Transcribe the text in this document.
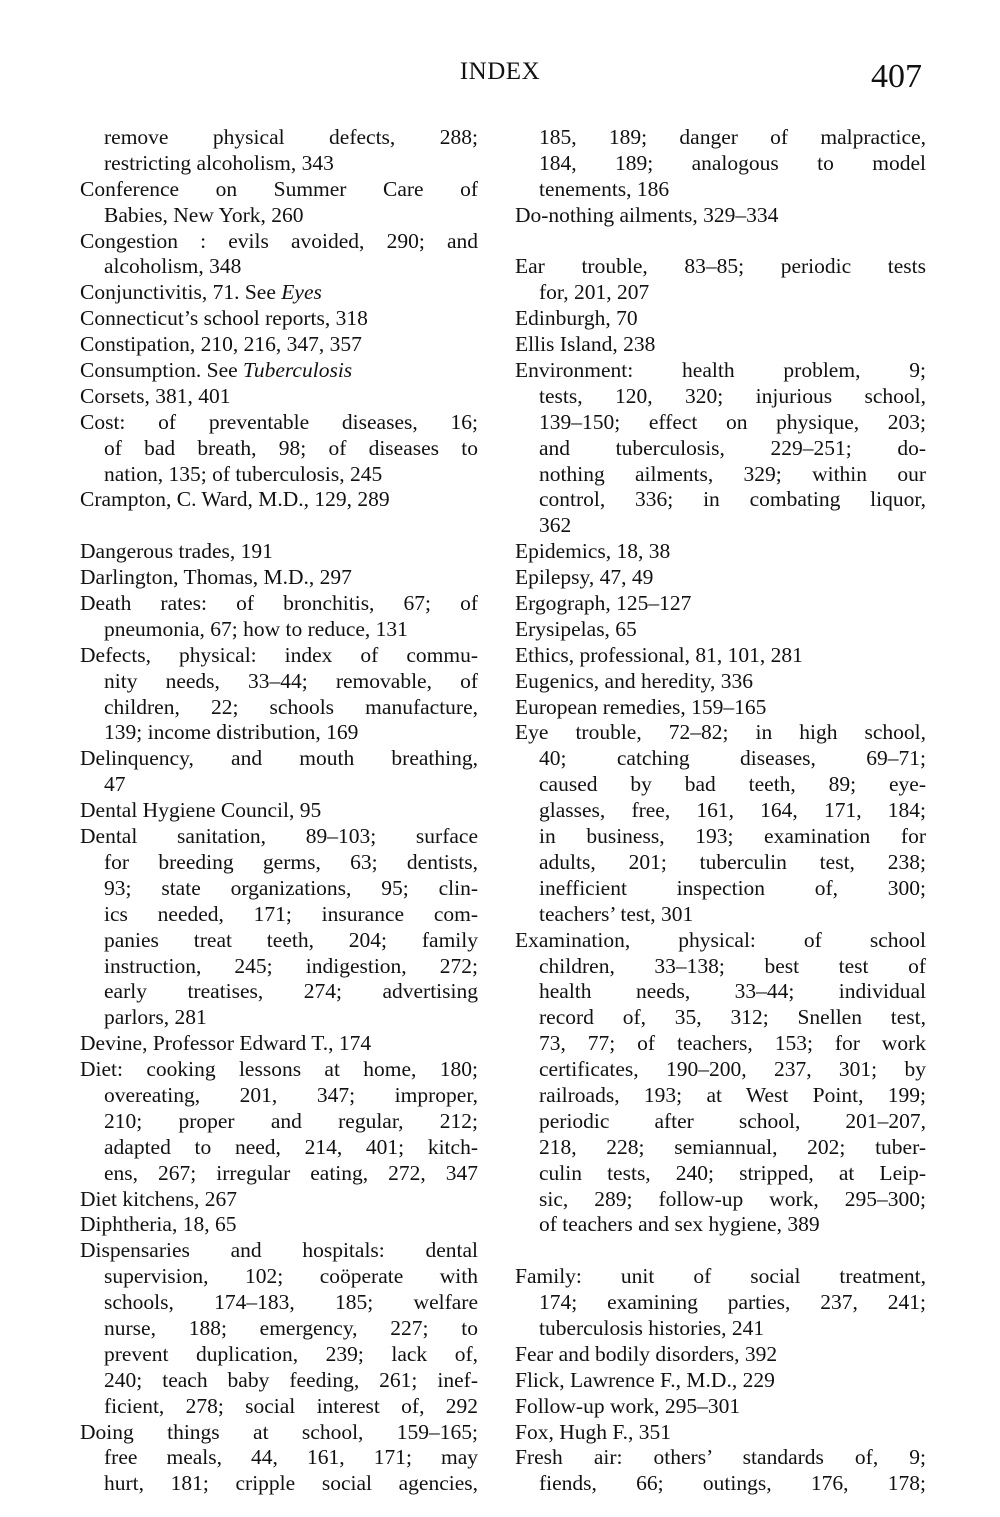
INDEX	407
remove physical defects, 288;
restricting alcoholism, 343
Conference on Summer Care of
Babies, New York, 260
Congestion : evils avoided, 290; and
alcoholism, 348
Conjunctivitis, 71. See Eyes
Connecticut’s school reports, 318
Constipation, 210, 216, 347, 357
Consumption. See Tuberculosis
Corsets, 381, 401
Cost: of preventable diseases, 16;
of bad breath, 98; of diseases to
nation, 135; of tuberculosis, 245
Crampton, C. Ward, M.D., 129, 289
Dangerous trades, 191
Darlington, Thomas, M.D., 297
Death rates: of bronchitis, 67; of
pneumonia, 67; how to reduce, 131
Defects, physical: index of commu-
nity needs, 33–44; removable, of
children, 22; schools manufacture,
139; income distribution, 169
Delinquency, and mouth breathing,
47
Dental Hygiene Council, 95
Dental sanitation, 89–103; surface
for breeding germs, 63; dentists,
93; state organizations, 95; clin-
ics needed, 171; insurance com-
panies treat teeth, 204; family
instruction, 245; indigestion, 272;
early treatises, 274; advertising
parlors, 281
Devine, Professor Edward T., 174
Diet: cooking lessons at home, 180;
overeating, 201, 347; improper,
210; proper and regular, 212;
adapted to need, 214, 401; kitch-
ens, 267; irregular eating, 272, 347
Diet kitchens, 267
Diphtheria, 18, 65
Dispensaries and hospitals: dental
supervision, 102; coöperate with
schools, 174–183, 185; welfare
nurse, 188; emergency, 227; to
prevent duplication, 239; lack of,
240; teach baby feeding, 261; inef-
ficient, 278; social interest of, 292
Doing things at school, 159–165;
free meals, 44, 161, 171; may
hurt, 181; cripple social agencies,
185, 189; danger of malpractice,
184, 189; analogous to model
tenements, 186
Do-nothing ailments, 329–334
Ear trouble, 83–85; periodic tests
for, 201, 207
Edinburgh, 70
Ellis Island, 238
Environment: health problem, 9;
tests, 120, 320; injurious school,
139–150; effect on physique, 203;
and tuberculosis, 229–251; do-
nothing ailments, 329; within our
control, 336; in combating liquor,
362
Epidemics, 18, 38
Epilepsy, 47, 49
Ergograph, 125–127
Erysipelas, 65
Ethics, professional, 81, 101, 281
Eugenics, and heredity, 336
European remedies, 159–165
Eye trouble, 72–82; in high school,
40; catching diseases, 69–71;
caused by bad teeth, 89; eye-
glasses, free, 161, 164, 171, 184;
in business, 193; examination for
adults, 201; tuberculin test, 238;
inefficient inspection of, 300;
teachers’ test, 301
Examination, physical: of school
children, 33–138; best test of
health needs, 33–44; individual
record of, 35, 312; Snellen test,
73, 77; of teachers, 153; for work
certificates, 190–200, 237, 301; by
railroads, 193; at West Point, 199;
periodic after school, 201–207,
218, 228; semiannual, 202; tuber-
culin tests, 240; stripped, at Leip-
sic, 289; follow-up work, 295–300;
of teachers and sex hygiene, 389
Family: unit of social treatment,
174; examining parties, 237, 241;
tuberculosis histories, 241
Fear and bodily disorders, 392
Flick, Lawrence F., M.D., 229
Follow-up work, 295–301
Fox, Hugh F., 351
Fresh air: others’ standards of, 9;
fiends, 66; outings, 176, 178;
